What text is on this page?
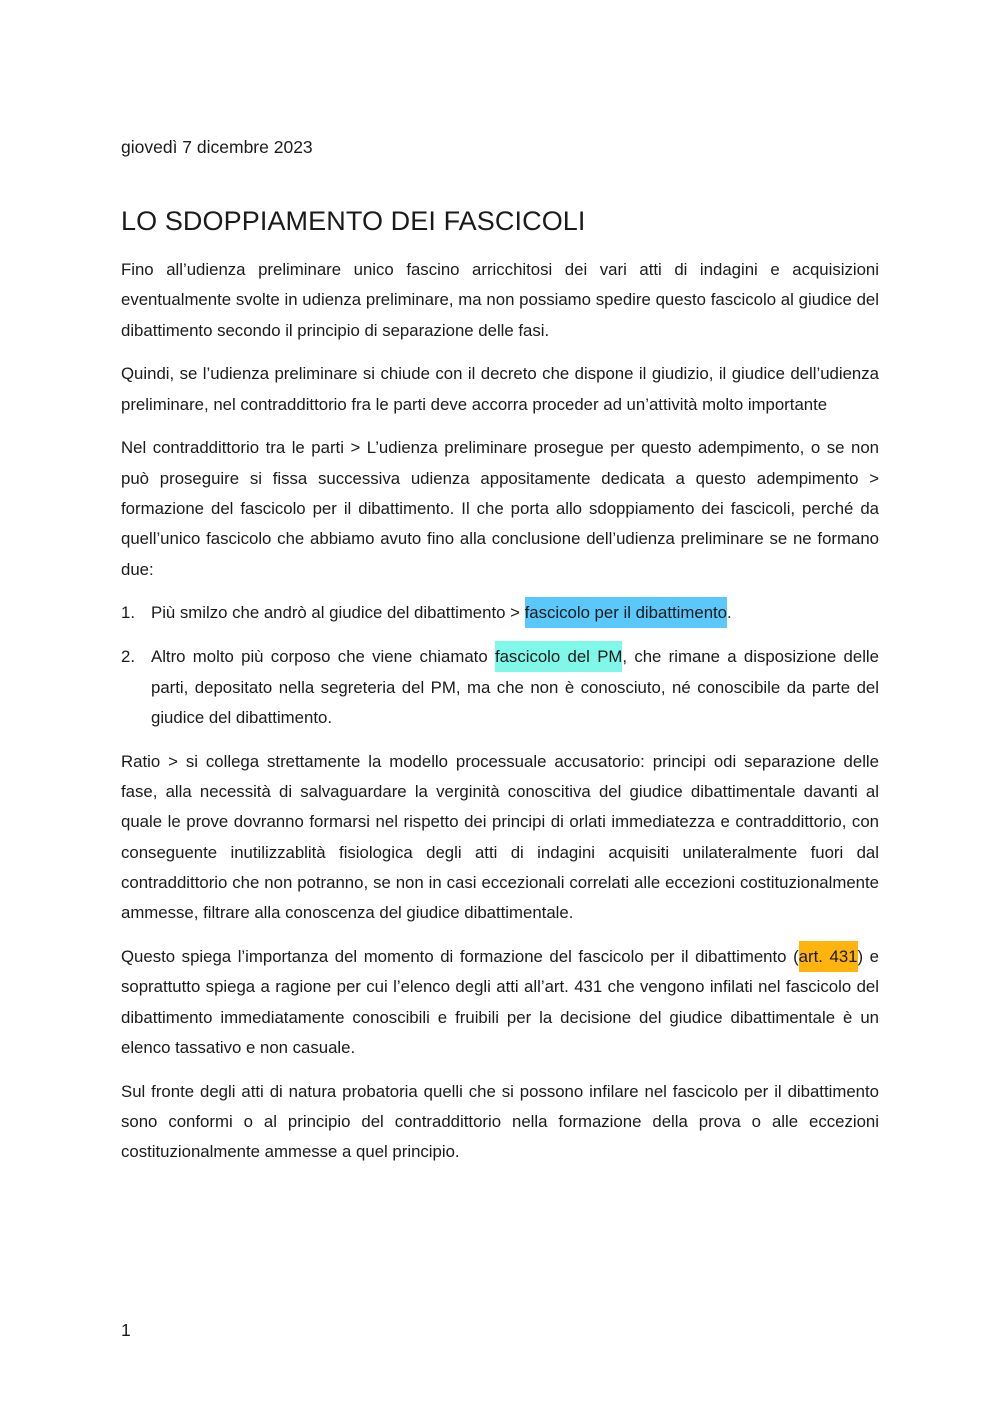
giovedì 7 dicembre 2023
LO SDOPPIAMENTO DEI FASCICOLI

Fino all’udienza preliminare unico fascino arricchitosi dei vari atti di indagini e acquisizioni eventualmente svolte in udienza preliminare, ma non possiamo spedire questo fascicolo al giudice del dibattimento secondo il principio di separazione delle fasi.

Quindi, se l’udienza preliminare si chiude con il decreto che dispone il giudizio, il giudice dell’udienza preliminare, nel contraddittorio fra le parti deve accorra proceder ad un’attività molto importante

Nel contraddittorio tra le parti > L’udienza preliminare prosegue per questo adempimento, o se non può proseguire si fissa successiva udienza appositamente dedicata a questo adempimento > formazione del fascicolo per il dibattimento. Il che porta allo sdoppiamento dei fascicoli, perché da quell’unico fascicolo che abbiamo avuto fino alla conclusione dell’udienza preliminare se ne formano due:

1. Più smilzo che andrò al giudice del dibattimento > fascicolo per il dibattimento.
2. Altro molto più corposo che viene chiamato fascicolo del PM, che rimane a disposizione delle parti, depositato nella segreteria del PM, ma che non è conosciuto, né conoscibile da parte del giudice del dibattimento.

Ratio > si collega strettamente la modello processuale accusatorio: principi odi separazione delle fase, alla necessità di salvaguardare la verginità conoscitiva del giudice dibattimentale davanti al quale le prove dovranno formarsi nel rispetto dei principi di orlati immediatezza e contraddittorio, con conseguente inutilizzablità fisiologica degli atti di indagini acquisiti unilateralmente fuori dal contraddittorio che non potranno, se non in casi eccezionali correlati alle eccezioni costituzionalmente ammesse, filtrare alla conoscenza del giudice dibattimentale.

Questo spiega l’importanza del momento di formazione del fascicolo per il dibattimento (art. 431) e soprattutto spiega a ragione per cui l’elenco degli atti all’art. 431 che vengono infilati nel fascicolo del dibattimento immediatamente conoscibili e fruibili per la decisione del giudice dibattimentale è un elenco tassativo e non casuale.

Sul fronte degli atti di natura probatoria quelli che si possono infilare nel fascicolo per il dibattimento sono conformi o al principio del contraddittorio nella formazione della prova o alle eccezioni costituzionalmente ammesse a quel principio.

1
